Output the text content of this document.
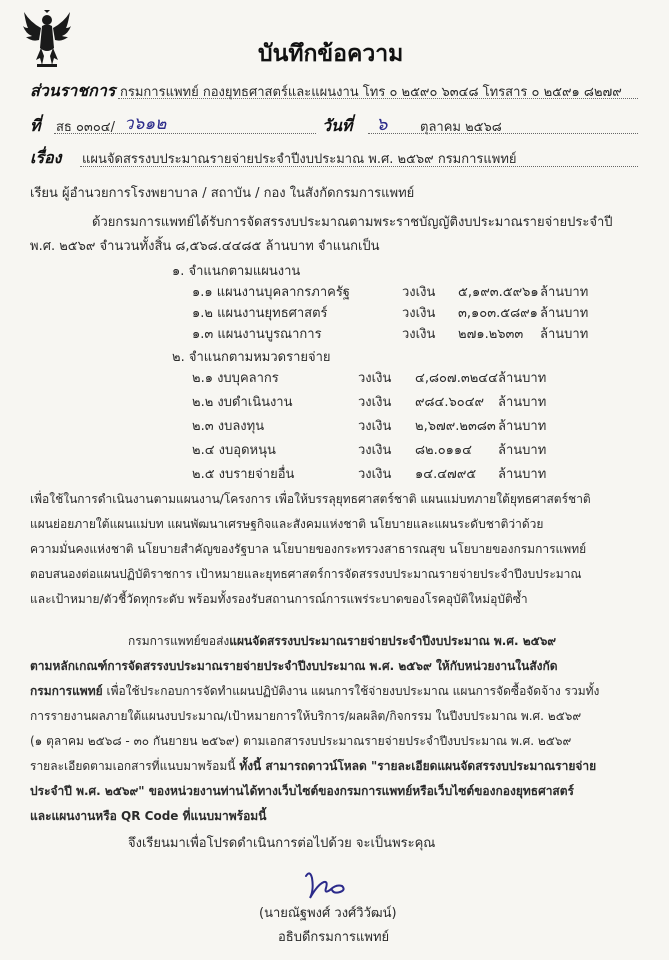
บันทึกข้อความ
ส่วนราชการ กรมการแพทย์ กองยุทธศาสตร์และแผนงาน โทร ๐ ๒๕๙๐ ๖๓๔๘ โทรสาร ๐ ๒๕๙๑ ๘๒๗๙
ที่ สธ ๐๓๐๔/ ว๖๑๒	วันที่ ๖	ตุลาคม ๒๕๖๘
เรื่อง แผนจัดสรรงบประมาณรายจ่ายประจำปีงบประมาณ พ.ศ. ๒๕๖๙ กรมการแพทย์
เรียน ผู้อำนวยการโรงพยาบาล / สถาบัน / กอง ในสังกัดกรมการแพทย์
ด้วยกรมการแพทย์ได้รับการจัดสรรงบประมาณตามพระราชบัญญัติงบประมาณรายจ่ายประจำปี
พ.ศ. ๒๕๖๙ จำนวนทั้งสิ้น ๘,๕๖๘.๔๔๘๕ ล้านบาท จำแนกเป็น
๑. จำแนกตามแผนงาน
๑.๑ แผนงานบุคลากรภาครัฐ	วงเงิน ๕,๑๙๓.๕๙๖๑ ล้านบาท
๑.๒ แผนงานยุทธศาสตร์	วงเงิน ๓,๑๐๓.๕๘๙๑ ล้านบาท
๑.๓ แผนงานบูรณาการ	วงเงิน ๒๗๑.๒๖๓๓ ล้านบาท
๒. จำแนกตามหมวดรายจ่าย
๒.๑ งบบุคลากร	วงเงิน ๔,๘๐๗.๓๒๔๔ ล้านบาท
๒.๒ งบดำเนินงาน	วงเงิน ๙๘๔.๖๐๔๙ ล้านบาท
๒.๓ งบลงทุน	วงเงิน ๒,๖๗๙.๒๓๘๓ ล้านบาท
๒.๔ งบอุดหนุน	วงเงิน ๘๒.๐๑๑๔ ล้านบาท
๒.๕ งบรายจ่ายอื่น	วงเงิน ๑๔.๔๗๙๕ ล้านบาท
เพื่อใช้ในการดำเนินงานตามแผนงาน/โครงการ เพื่อให้บรรลุยุทธศาสตร์ชาติ แผนแม่บทภายใต้ยุทธศาสตร์ชาติ
แผนย่อยภายใต้แผนแม่บท แผนพัฒนาเศรษฐกิจและสังคมแห่งชาติ นโยบายและแผนระดับชาติว่าด้วย
ความมั่นคงแห่งชาติ นโยบายสำคัญของรัฐบาล นโยบายของกระทรวงสาธารณสุข นโยบายของกรมการแพทย์
ตอบสนองต่อแผนปฏิบัติราชการ เป้าหมายและยุทธศาสตร์การจัดสรรงบประมาณรายจ่ายประจำปีงบประมาณ
และเป้าหมาย/ตัวชี้วัดทุกระดับ พร้อมทั้งรองรับสถานการณ์การแพร่ระบาดของโรคอุบัติใหม่อุบัติซ้ำ
กรมการแพทย์ขอส่งแผนจัดสรรงบประมาณรายจ่ายประจำปีงบประมาณ พ.ศ. ๒๕๖๙
ตามหลักเกณฑ์การจัดสรรงบประมาณรายจ่ายประจำปีงบประมาณ พ.ศ. ๒๕๖๙ ให้กับหน่วยงานในสังกัด
กรมการแพทย์ เพื่อใช้ประกอบการจัดทำแผนปฏิบัติงาน แผนการใช้จ่ายงบประมาณ แผนการจัดซื้อจัดจ้าง รวมทั้ง
การรายงานผลภายใต้แผนงบประมาณ/เป้าหมายการให้บริการ/ผลผลิต/กิจกรรม ในปีงบประมาณ พ.ศ. ๒๕๖๙
(๑ ตุลาคม ๒๕๖๘ - ๓๐ กันยายน ๒๕๖๙) ตามเอกสารงบประมาณรายจ่ายประจำปีงบประมาณ พ.ศ. ๒๕๖๙
รายละเอียดตามเอกสารที่แนบมาพร้อมนี้ ทั้งนี้ สามารถดาวน์โหลด "รายละเอียดแผนจัดสรรงบประมาณรายจ่าย
ประจำปี พ.ศ. ๒๕๖๙" ของหน่วยงานท่านได้ทางเว็บไซต์ของกรมการแพทย์หรือเว็บไซต์ของกองยุทธศาสตร์
และแผนงานหรือ QR Code ที่แนบมาพร้อมนี้
จึงเรียนมาเพื่อโปรดดำเนินการต่อไปด้วย จะเป็นพระคุณ
(นายณัฐพงศ์ วงศ์วิวัฒน์)
อธิบดีกรมการแพทย์
